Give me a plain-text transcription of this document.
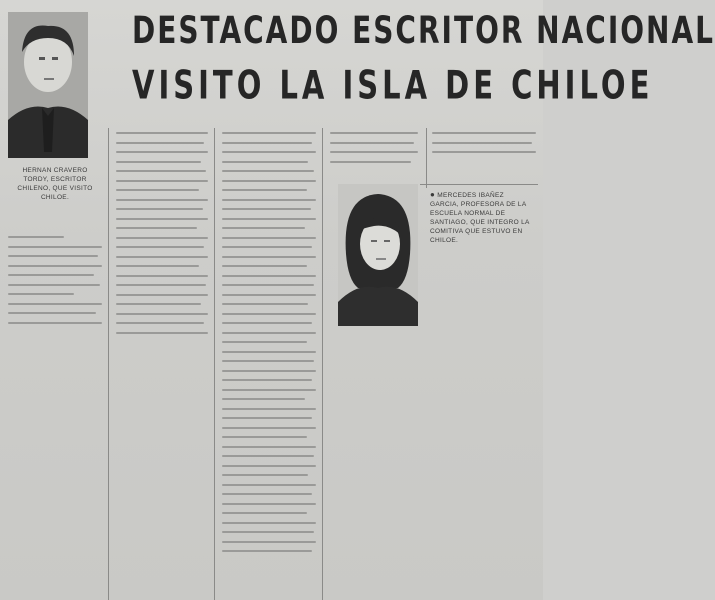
DESTACADO ESCRITOR NACIONAL
VISITO LA ISLA DE CHILOE
HERNAN CRAVERO TORDY, ESCRITOR CHILENO, QUE VISITO CHILOE.	● MERCEDES IBAÑEZ GARCIA, PROFESORA DE LA ESCUELA NORMAL DE SANTIAGO, QUE INTEGRO LA COMITIVA QUE ESTUVO EN CHILOE.
